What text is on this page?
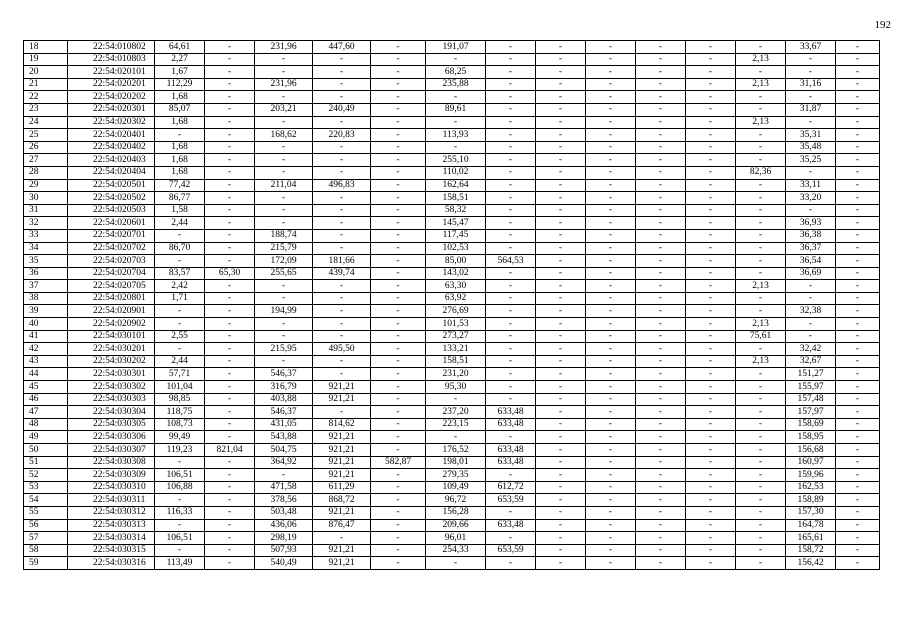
192
18	22:54:010802	64,61	-	231,96	447,60	-	191,07	-	-	-	-	-	-	33,67	-
19	22:54:010803	2,27	-	-	-	-	-	-	-	-	-	-	2,13	-	-
20	22:54:020101	1,67	-	-	-	-	68,25	-	-	-	-	-	-	-	-
21	22:54:020201	112,29	-	231,96	-	-	235,88	-	-	-	-	-	2,13	31,16	-
22	22:54:020202	1,68	-	-	-	-	-	-	-	-	-	-	-	-	-
23	22:54:020301	85,07	-	203,21	240,49	-	89,61	-	-	-	-	-	-	31,87	-
24	22:54:020302	1,68	-	-	-	-	-	-	-	-	-	-	2,13	-	-
25	22:54:020401	-	-	168,62	220,83	-	113,93	-	-	-	-	-	-	35,31	-
26	22:54:020402	1,68	-	-	-	-	-	-	-	-	-	-	-	35,48	-
27	22:54:020403	1,68	-	-	-	-	255,10	-	-	-	-	-	-	35,25	-
28	22:54:020404	1,68	-	-	-	-	110,02	-	-	-	-	-	82,36	-	-
29	22:54:020501	77,42	-	211,04	496,83	-	162,64	-	-	-	-	-	-	33,11	-
30	22:54:020502	86,77	-	-	-	-	158,51	-	-	-	-	-	-	33,20	-
31	22:54:020503	1,58	-	-	-	-	58,32	-	-	-	-	-	-	-	-
32	22:54:020601	2,44	-	-	-	-	145,47	-	-	-	-	-	-	36,93	-
33	22:54:020701	-	-	188,74	-	-	117,45	-	-	-	-	-	-	36,38	-
34	22:54:020702	86,70	-	215,79	-	-	102,53	-	-	-	-	-	-	36,37	-
35	22:54:020703	-	-	172,09	181,66	-	85,00	564,53	-	-	-	-	-	36,54	-
36	22:54:020704	83,57	65,30	255,65	439,74	-	143,02	-	-	-	-	-	-	36,69	-
37	22:54:020705	2,42	-	-	-	-	63,30	-	-	-	-	-	2,13	-	-
38	22:54:020801	1,71	-	-	-	-	63,92	-	-	-	-	-	-	-	-
39	22:54:020901	-	-	194,99	-	-	276,69	-	-	-	-	-	-	32,38	-
40	22:54:020902	-	-	-	-	-	101,53	-	-	-	-	-	2,13	-	-
41	22:54:030101	2,55	-	-	-	-	273,27	-	-	-	-	-	75,61	-	-
42	22:54:030201	-	-	215,95	495,50	-	133,21	-	-	-	-	-	-	32,42	-
43	22:54:030202	2,44	-	-	-	-	158,51	-	-	-	-	-	2,13	32,67	-
44	22:54:030301	57,71	-	546,37	-	-	231,20	-	-	-	-	-	-	151,27	-
45	22:54:030302	101,04	-	316,79	921,21	-	95,30	-	-	-	-	-	-	155,97	-
46	22:54:030303	98,85	-	403,88	921,21	-	-	-	-	-	-	-	-	157,48	-
47	22:54:030304	118,75	-	546,37	-	-	237,20	633,48	-	-	-	-	-	157,97	-
48	22:54:030305	108,73	-	431,05	814,62	-	223,15	633,48	-	-	-	-	-	158,69	-
49	22:54:030306	99,49	-	543,88	921,21	-	-	-	-	-	-	-	-	158,95	-
50	22:54:030307	119,23	821,04	504,75	921,21	-	176,52	633,48	-	-	-	-	-	156,68	-
51	22:54:030308	-	-	364,92	921,21	582,87	198,01	633,48	-	-	-	-	-	160,97	-
52	22:54:030309	106,51	-	-	921,21	-	279,35	-	-	-	-	-	-	159,96	-
53	22:54:030310	106,88	-	471,58	611,29	-	109,49	612,72	-	-	-	-	-	162,53	-
54	22:54:030311	-	-	378,56	868,72	-	96,72	653,59	-	-	-	-	-	158,89	-
55	22:54:030312	116,33	-	503,48	921,21	-	156,28	-	-	-	-	-	-	157,30	-
56	22:54:030313	-	-	436,06	876,47	-	209,66	633,48	-	-	-	-	-	164,78	-
57	22:54:030314	106,51	-	298,19	-	-	96,01	-	-	-	-	-	-	165,61	-
58	22:54:030315	-	-	507,93	921,21	-	254,33	653,59	-	-	-	-	-	158,72	-
59	22:54:030316	113,49	-	540,49	921,21	-	-	-	-	-	-	-	-	156,42	-
